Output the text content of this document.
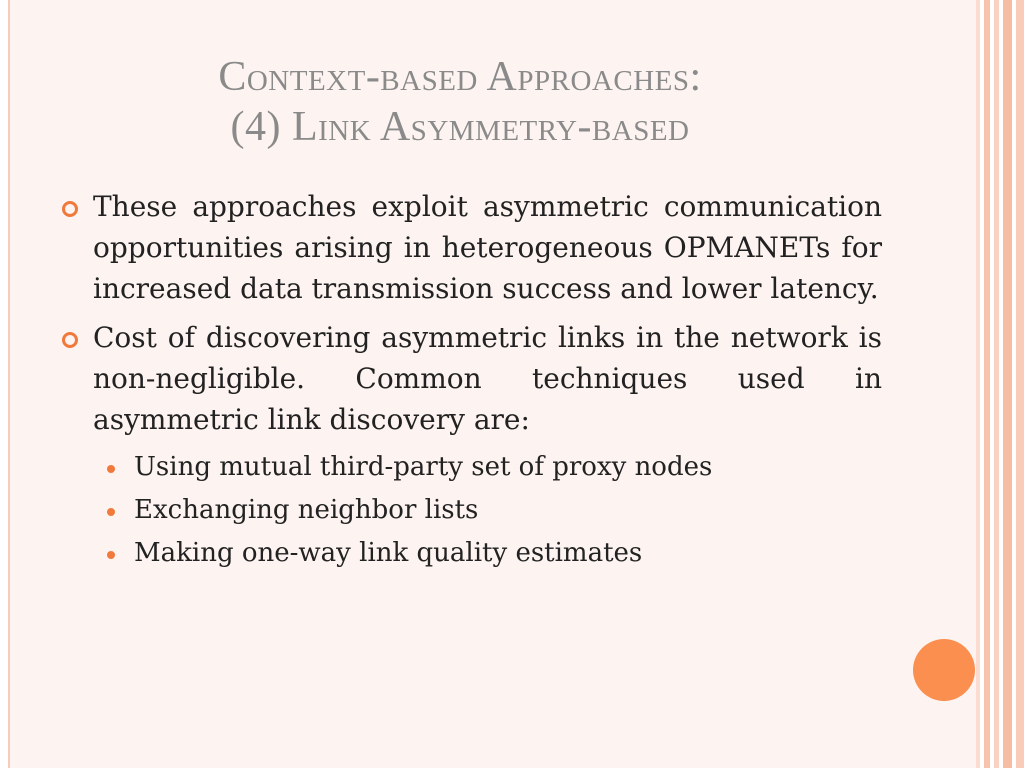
Context-based Approaches:
(4) Link Asymmetry-based
These approaches exploit asymmetric communication opportunities arising in heterogeneous OPMANETs for increased data transmission success and lower latency.
Cost of discovering asymmetric links in the network is non-negligible. Common techniques used in asymmetric link discovery are:
Using mutual third-party set of proxy nodes
Exchanging neighbor lists
Making one-way link quality estimates
